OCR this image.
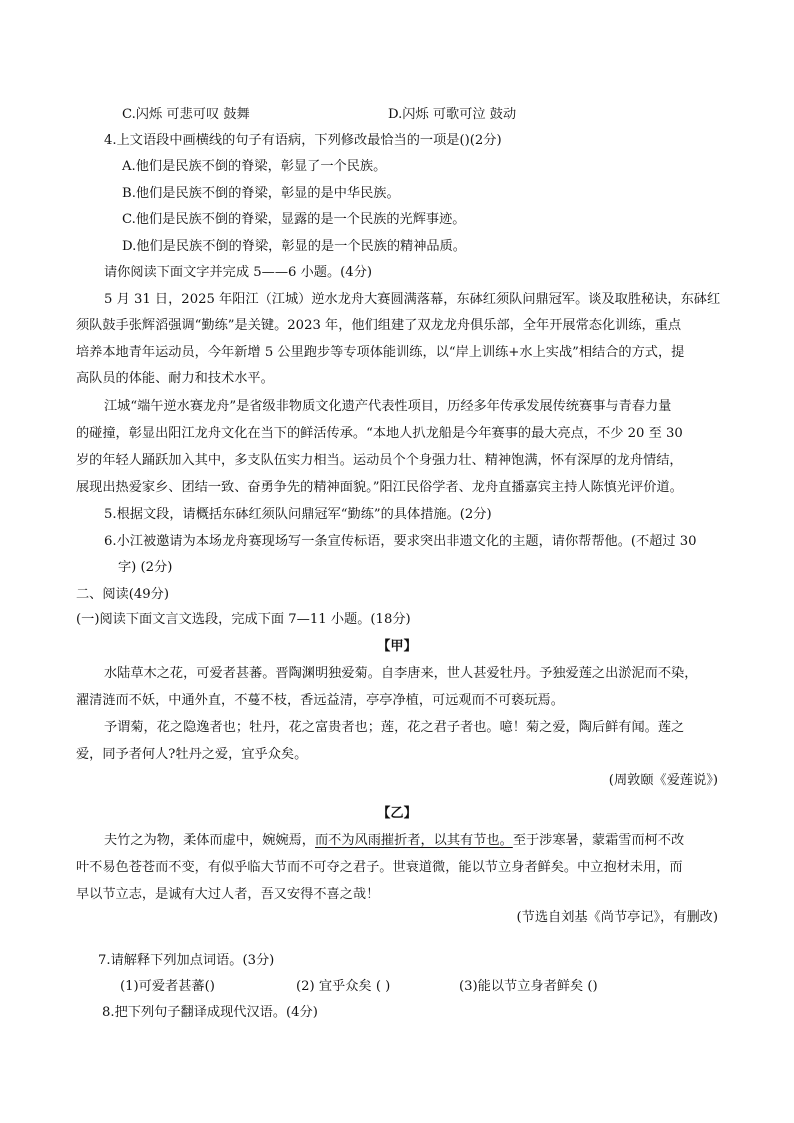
C.闪烁 可悲可叹 鼓舞	D.闪烁 可歌可泣 鼓动
4.上文语段中画横线的句子有语病，下列修改最恰当的一项是()(2分)
A.他们是民族不倒的脊梁，彰显了一个民族。
B.他们是民族不倒的脊梁，彰显的是中华民族。
C.他们是民族不倒的脊梁，显露的是一个民族的光辉事迹。
D.他们是民族不倒的脊梁，彰显的是一个民族的精神品质。
请你阅读下面文字并完成 5——6 小题。(4分)
5 月 31 日，2025 年阳江（江城）逆水龙舟大赛圆满落幕，东砵红须队问鼎冠军。谈及取胜秘诀，东砵红
须队鼓手张辉滔强调“勤练”是关键。2023 年，他们组建了双龙龙舟俱乐部，全年开展常态化训练，重点
培养本地青年运动员，今年新增 5 公里跑步等专项体能训练，以“岸上训练+水上实战”相结合的方式，提
高队员的体能、耐力和技术水平。
江城“端午逆水赛龙舟”是省级非物质文化遗产代表性项目，历经多年传承发展传统赛事与青春力量
的碰撞，彰显出阳江龙舟文化在当下的鲜活传承。“本地人扒龙船是今年赛事的最大亮点，不少 20 至 30
岁的年轻人踊跃加入其中，多支队伍实力相当。运动员个个身强力壮、精神饱满，怀有深厚的龙舟情结，
展现出热爱家乡、团结一致、奋勇争先的精神面貌。”阳江民俗学者、龙舟直播嘉宾主持人陈慎光评价道。
5.根据文段，请概括东砵红须队问鼎冠军“勤练”的具体措施。(2分)
6.小江被邀请为本场龙舟赛现场写一条宣传标语，要求突出非遗文化的主题，请你帮帮他。(不超过 30
字) (2分)
二、阅读(49分)
(一)阅读下面文言文选段，完成下面 7—11 小题。(18分)
【甲】
水陆草木之花，可爱者甚蕃。晋陶渊明独爱菊。自李唐来，世人甚爱牡丹。予独爱莲之出淤泥而不染，
濯清涟而不妖，中通外直，不蔓不枝，香远益清，亭亭净植，可远观而不可亵玩焉。
予谓菊，花之隐逸者也；牡丹，花之富贵者也；莲，花之君子者也。噫！菊之爱，陶后鲜有闻。莲之
爱，同予者何人?牡丹之爱，宜乎众矣。
(周敦颐《爱莲说》)
【乙】
夫竹之为物，柔体而虚中，婉婉焉，而不为风雨摧折者，以其有节也。至于涉寒暑，蒙霜雪而柯不改
叶不易色苍苍而不变，有似乎临大节而不可夺之君子。世衰道微，能以节立身者鲜矣。中立抱材未用，而
早以节立志，是诚有大过人者，吾又安得不喜之哉！
(节选自刘基《尚节亭记》，有删改)
7.请解释下列加点词语。(3分)
(1)可爱者甚蕃()	(2) 宜乎众矣 ( )	(3)能以节立身者鲜矣 ()
8.把下列句子翻译成现代汉语。(4分)
